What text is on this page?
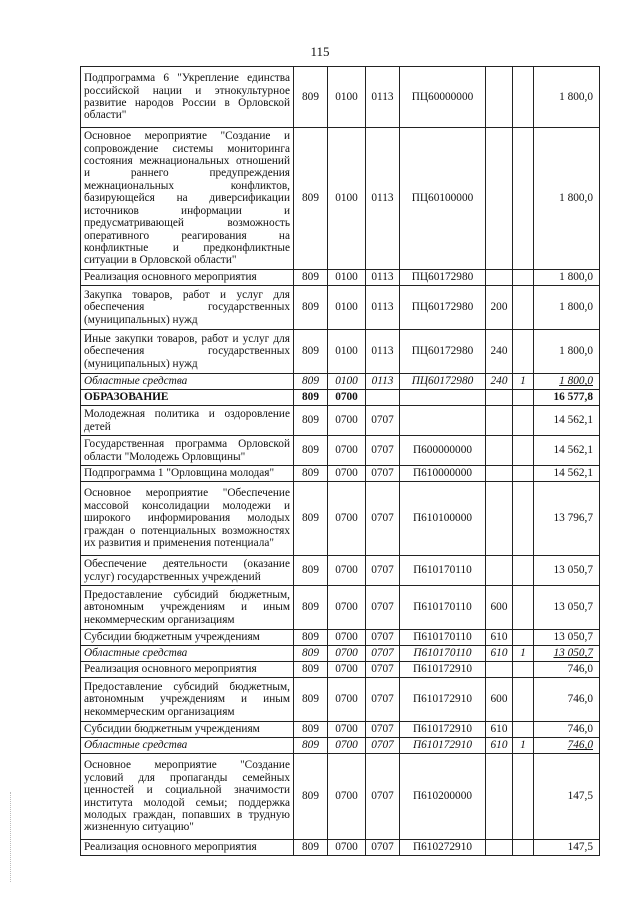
115
Подпрограмма 6 "Укрепление единства российской нации и этнокультурное развитие народов России в Орловской области"	809	0100	0113	ПЦ60000000			1 800,0
Основное мероприятие "Создание и сопровождение системы мониторинга состояния межнациональных отношений и раннего предупреждения межнациональных конфликтов, базирующейся на диверсификации источников информации и предусматривающей возможность оперативного реагирования на конфликтные и предконфликтные ситуации в Орловской области"	809	0100	0113	ПЦ60100000			1 800,0
Реализация основного мероприятия	809	0100	0113	ПЦ60172980			1 800,0
Закупка товаров, работ и услуг для обеспечения государственных (муниципальных) нужд	809	0100	0113	ПЦ60172980	200		1 800,0
Иные закупки товаров, работ и услуг для обеспечения государственных (муниципальных) нужд	809	0100	0113	ПЦ60172980	240		1 800,0
Областные средства	809	0100	0113	ПЦ60172980	240	1	1 800,0
ОБРАЗОВАНИЕ	809	0700					16 577,8
Молодежная политика и оздоровление детей	809	0700	0707				14 562,1
Государственная программа Орловской области "Молодежь Орловщины"	809	0700	0707	П600000000			14 562,1
Подпрограмма 1 "Орловщина молодая"	809	0700	0707	П610000000			14 562,1
Основное мероприятие "Обеспечение массовой консолидации молодежи и широкого информирования молодых граждан о потенциальных возможностях их развития и применения потенциала"	809	0700	0707	П610100000			13 796,7
Обеспечение деятельности (оказание услуг) государственных учреждений	809	0700	0707	П610170110			13 050,7
Предоставление субсидий бюджетным, автономным учреждениям и иным некоммерческим организациям	809	0700	0707	П610170110	600		13 050,7
Субсидии бюджетным учреждениям	809	0700	0707	П610170110	610		13 050,7
Областные средства	809	0700	0707	П610170110	610	1	13 050,7
Реализация основного мероприятия	809	0700	0707	П610172910			746,0
Предоставление субсидий бюджетным, автономным учреждениям и иным некоммерческим организациям	809	0700	0707	П610172910	600		746,0
Субсидии бюджетным учреждениям	809	0700	0707	П610172910	610		746,0
Областные средства	809	0700	0707	П610172910	610	1	746,0
Основное мероприятие "Создание условий для пропаганды семейных ценностей и социальной значимости института молодой семьи; поддержка молодых граждан, попавших в трудную жизненную ситуацию"	809	0700	0707	П610200000			147,5
Реализация основного мероприятия	809	0700	0707	П610272910			147,5
